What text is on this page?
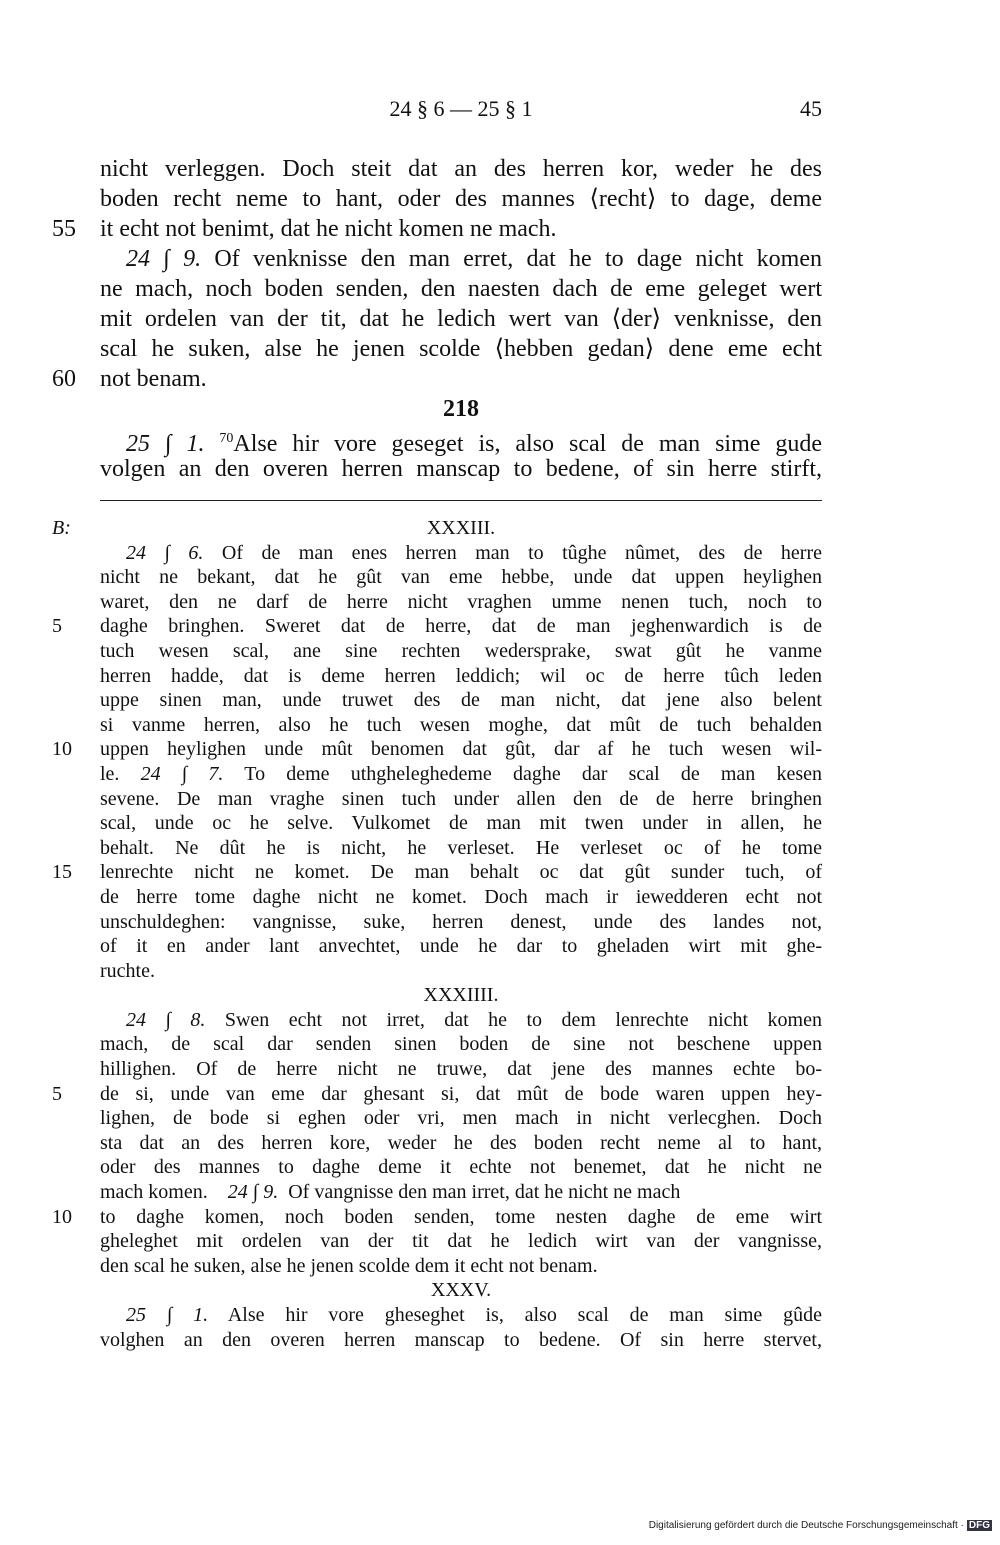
24 § 6 — 25 § 1	45
nicht verleggen. Doch steit dat an des herren kor, weder he des
boden recht neme to hant, oder des mannes ⟨recht⟩ to dage, deme
55	it echt not benimt, dat he nicht komen ne mach.
24 ∫ 9. Of venknisse den man erret, dat he to dage nicht komen
ne mach, noch boden senden, den naesten dach de eme geleget wert
mit ordelen van der tit, dat he ledich wert van ⟨der⟩ venknisse, den
scal he suken, alse he jenen scolde ⟨hebben gedan⟩ dene eme echt
60	not benam.
218
25 ∫ 1. $^{70}$Alse hir vore geseget is, also scal de man sime gude
volgen an den overen herren manscap to bedene, of sin herre stirft,
B:	XXXIII.
24 ∫ 6. Of de man enes herren man to tûghe nûmet, des de herre
nicht ne bekant, dat he gût van eme hebbe, unde dat uppen heylighen
waret, den ne darf de herre nicht vraghen umme nenen tuch, noch to
5	daghe bringhen. Sweret dat de herre, dat de man jeghenwardich is de
tuch wesen scal, ane sine rechten wedersprake, swat gût he vanme
herren hadde, dat is deme herren leddich; wil oc de herre tûch leden
uppe sinen man, unde truwet des de man nicht, dat jene also belent
si vanme herren, also he tuch wesen moghe, dat mût de tuch behalden
10	uppen heylighen unde mût benomen dat gût, dar af he tuch wesen wil-
le. 24 ∫ 7. To deme uthgheleghedeme daghe dar scal de man kesen
sevene. De man vraghe sinen tuch under allen den de de herre bringhen
scal, unde oc he selve. Vulkomet de man mit twen under in allen, he
behalt. Ne dût he is nicht, he verleset. He verleset oc of he tome
15	lenrechte nicht ne komet. De man behalt oc dat gût sunder tuch, of
de herre tome daghe nicht ne komet. Doch mach ir iewedderen echt not
unschuldeghen: vangnisse, suke, herren denest, unde des landes not,
of it en ander lant anvechtet, unde he dar to gheladen wirt mit ghe-
ruchte.
XXXIIII.
24 ∫ 8. Swen echt not irret, dat he to dem lenrechte nicht komen
mach, de scal dar senden sinen boden de sine not beschene uppen
hillighen. Of de herre nicht ne truwe, dat jene des mannes echte bo-
5	de si, unde van eme dar ghesant si, dat mût de bode waren uppen hey-
lighen, de bode si eghen oder vri, men mach in nicht verlecghen. Doch
sta dat an des herren kore, weder he des boden recht neme al to hant,
oder des mannes to daghe deme it echte not benemet, dat he nicht ne
mach komen. 24 ∫ 9. Of vangnisse den man irret, dat he nicht ne mach
10	to daghe komen, noch boden senden, tome nesten daghe de eme wirt
gheleghet mit ordelen van der tit dat he ledich wirt van der vangnisse,
den scal he suken, alse he jenen scolde dem it echt not benam.
XXXV.
25 ∫ 1. Alse hir vore gheseghet is, also scal de man sime gûde
volghen an den overen herren manscap to bedene. Of sin herre stervet,
Digitalisierung gefördert durch die Deutsche Forschungsgemeinschaft · DFG
